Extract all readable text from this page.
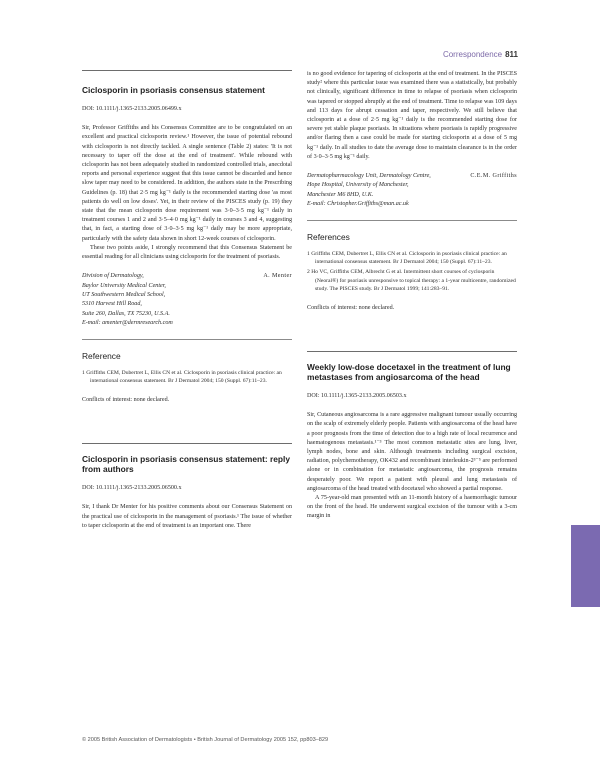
Correspondence 811
Ciclosporin in psoriasis consensus statement
DOI: 10.1111/j.1365-2133.2005.06499.x

Sir, Professor Griffiths and his Consensus Committee are to be congratulated on an excellent and practical ciclosporin review.¹ However, the issue of potential rebound with ciclosporin is not directly tackled. A single sentence (Table 2) states: 'It is not necessary to taper off the dose at the end of treatment'. While rebound with ciclosporin has not been adequately studied in randomized controlled trials, anecdotal reports and personal experience suggest that this issue cannot be discarded and hence slow taper may need to be considered. In addition, the authors state in the Prescribing Guidelines (p. 18) that 2·5 mg kg⁻¹ daily is the recommended starting dose 'as most patients do well on low doses'. Yet, in their review of the PISCES study (p. 19) they state that the mean ciclosporin dose requirement was 3·0–3·5 mg kg⁻¹ daily in treatment courses 1 and 2 and 3·5–4·0 mg kg⁻¹ daily in courses 3 and 4, suggesting that, in fact, a starting dose of 3·0–3·5 mg kg⁻¹ daily may be more appropriate, particularly with the safety data shown in short 12-week courses of ciclosporin.

These two points aside, I strongly recommend that this Consensus Statement be essential reading for all clinicians using ciclosporin for the treatment of psoriasis.

A. Menter
Division of Dermatology,
Baylor University Medical Center,
UT Southwestern Medical School,
5310 Harvest Hill Road,
Suite 260, Dallas, TX 75230, U.S.A.
E-mail: amenter@dermresearch.com
Reference
1 Griffiths CEM, Dubertret L, Ellis CN et al. Ciclosporin in psoriasis clinical practice: an international consensus statement. Br J Dermatol 2004; 150 (Suppl. 67):11–23.
Conflicts of interest: none declared.
Ciclosporin in psoriasis consensus statement: reply from authors
DOI: 10.1111/j.1365-2133.2005.06500.x

Sir, I thank Dr Menter for his positive comments about our Consensus Statement on the practical use of ciclosporin in the management of psoriasis.¹ The issue of whether to taper ciclosporin at the end of treatment is an important one. There

is no good evidence for tapering of ciclosporin at the end of treatment. In the PISCES study² where this particular issue was examined there was a statistically, but probably not clinically, significant difference in time to relapse of psoriasis when ciclosporin was tapered or stopped abruptly at the end of treatment. Time to relapse was 109 days and 113 days for abrupt cessation and taper, respectively. We still believe that ciclosporin at a dose of 2·5 mg kg⁻¹ daily is the recommended starting dose for severe yet stable plaque psoriasis. In situations where psoriasis is rapidly progressive and/or flaring then a case could be made for starting ciclosporin at a dose of 5 mg kg⁻¹ daily. In all studies to date the average dose to maintain clearance is in the order of 3·0–3·5 mg kg⁻¹ daily.

C.E.M. Griffiths
Dermatopharmacology Unit, Dermatology Centre,
Hope Hospital, University of Manchester,
Manchester M6 8HD, U.K.
E-mail: Christopher.Griffiths@man.ac.uk
References
1 Griffiths CEM, Dubertret L, Ellis CN et al. Ciclosporin in psoriasis clinical practice: an international consensus statement. Br J Dermatol 2004; 150 (Suppl. 67):11–23.
2 Ho VC, Griffiths CEM, Albrecht G et al. Intermittent short courses of cyclosporin (Neoral®) for psoriasis unresponsive to topical therapy: a 1-year multicentre, randomized study. The PISCES study. Br J Dermatol 1999; 141:283–91.
Conflicts of interest: none declared.
Weekly low-dose docetaxel in the treatment of lung metastases from angiosarcoma of the head
DOI: 10.1111/j.1365-2133.2005.06503.x

Sir, Cutaneous angiosarcoma is a rare aggressive malignant tumour usually occurring on the scalp of extremely elderly people. Patients with angiosarcoma of the head have a poor prognosis from the time of detection due to a high rate of local recurrence and haematogenous metastasis.¹⁻³ The most common metastatic sites are lung, liver, lymph nodes, bone and skin. Although treatments including surgical excision, radiation, polychemotherapy, OK432 and recombinant interleukin-2³⁻⁵ are performed alone or in combination for metastatic angiosarcoma, the prognosis remains desperately poor. We report a patient with pleural and lung metastasis of angiosarcoma of the head treated with docetaxel who showed a partial response.

A 75-year-old man presented with an 11-month history of a haemorrhagic tumour on the front of the head. He underwent surgical excision of the tumour with a 3-cm margin in

© 2005 British Association of Dermatologists • British Journal of Dermatology 2005 152, pp803–829
